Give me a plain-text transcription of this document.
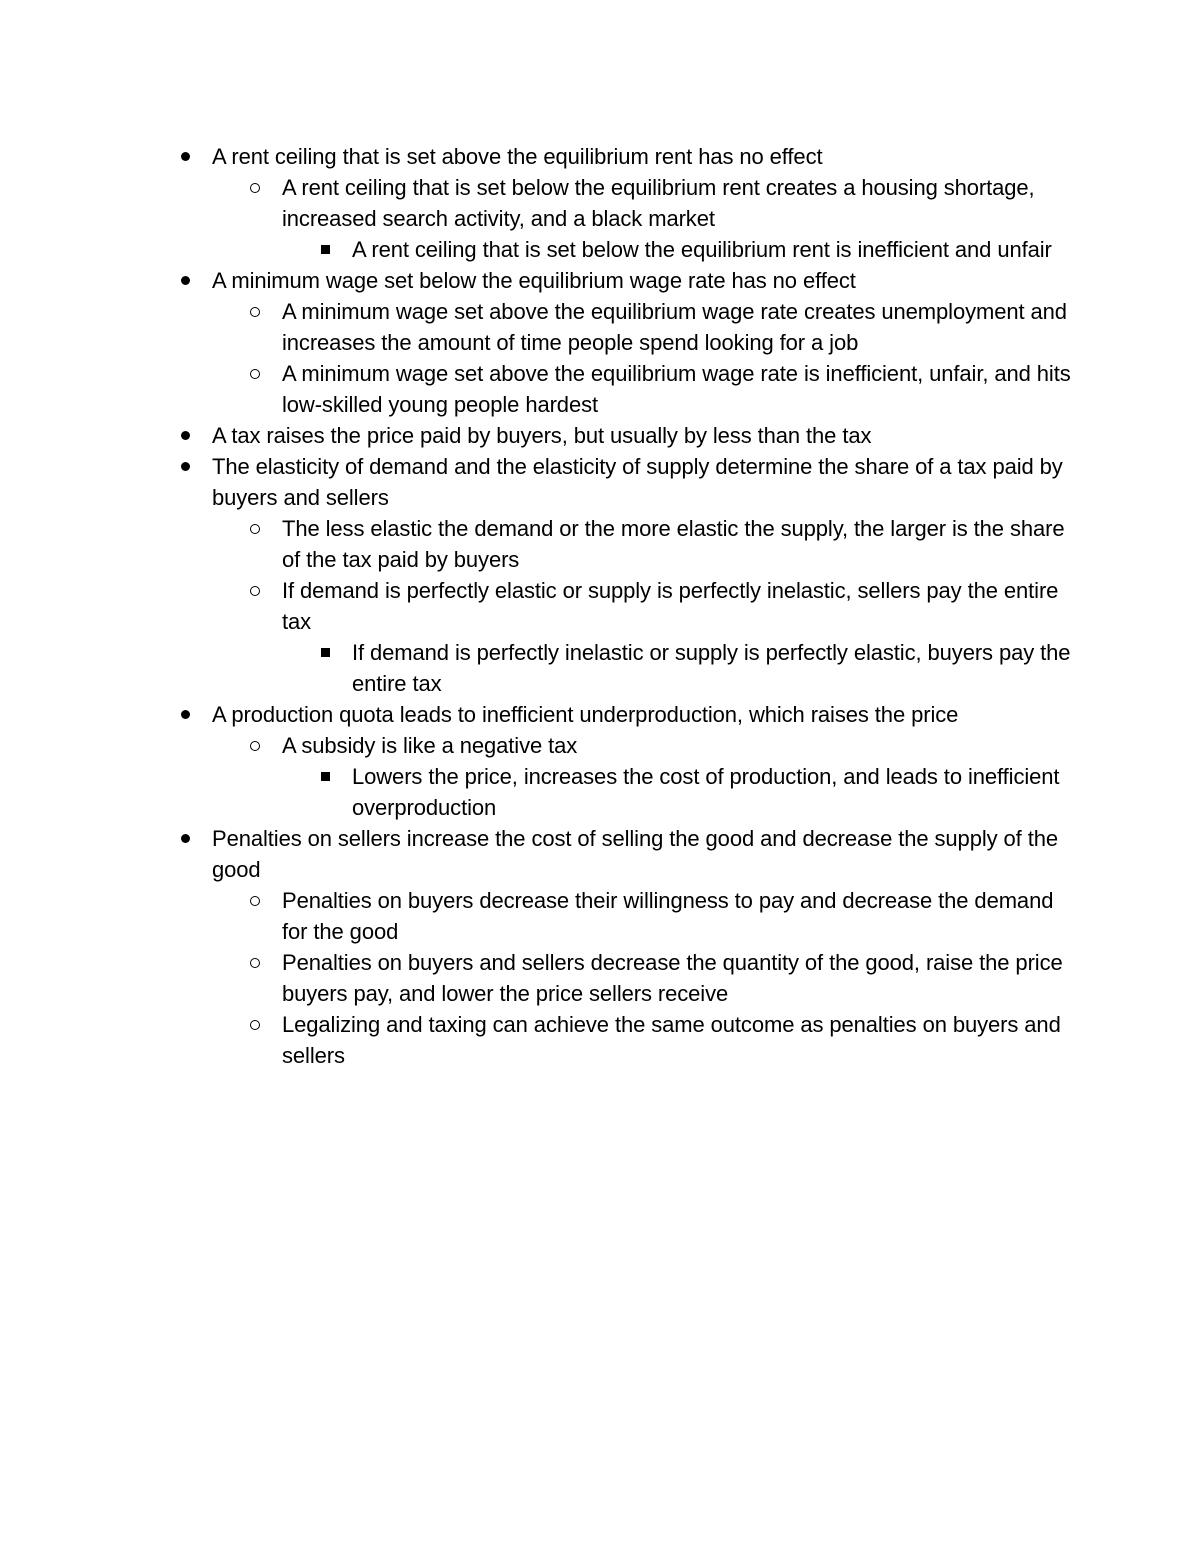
A rent ceiling that is set above the equilibrium rent has no effect
A rent ceiling that is set below the equilibrium rent creates a housing shortage, increased search activity, and a black market
A rent ceiling that is set below the equilibrium rent is inefficient and unfair
A minimum wage set below the equilibrium wage rate has no effect
A minimum wage set above the equilibrium wage rate creates unemployment and increases the amount of time people spend looking for a job
A minimum wage set above the equilibrium wage rate is inefficient, unfair, and hits low-skilled young people hardest
A tax raises the price paid by buyers, but usually by less than the tax
The elasticity of demand and the elasticity of supply determine the share of a tax paid by buyers and sellers
The less elastic the demand or the more elastic the supply, the larger is the share of the tax paid by buyers
If demand is perfectly elastic or supply is perfectly inelastic, sellers pay the entire tax
If demand is perfectly inelastic or supply is perfectly elastic, buyers pay the entire tax
A production quota leads to inefficient underproduction, which raises the price
A subsidy is like a negative tax
Lowers the price, increases the cost of production, and leads to inefficient overproduction
Penalties on sellers increase the cost of selling the good and decrease the supply of the good
Penalties on buyers decrease their willingness to pay and decrease the demand for the good
Penalties on buyers and sellers decrease the quantity of the good, raise the price buyers pay, and lower the price sellers receive
Legalizing and taxing can achieve the same outcome as penalties on buyers and sellers
